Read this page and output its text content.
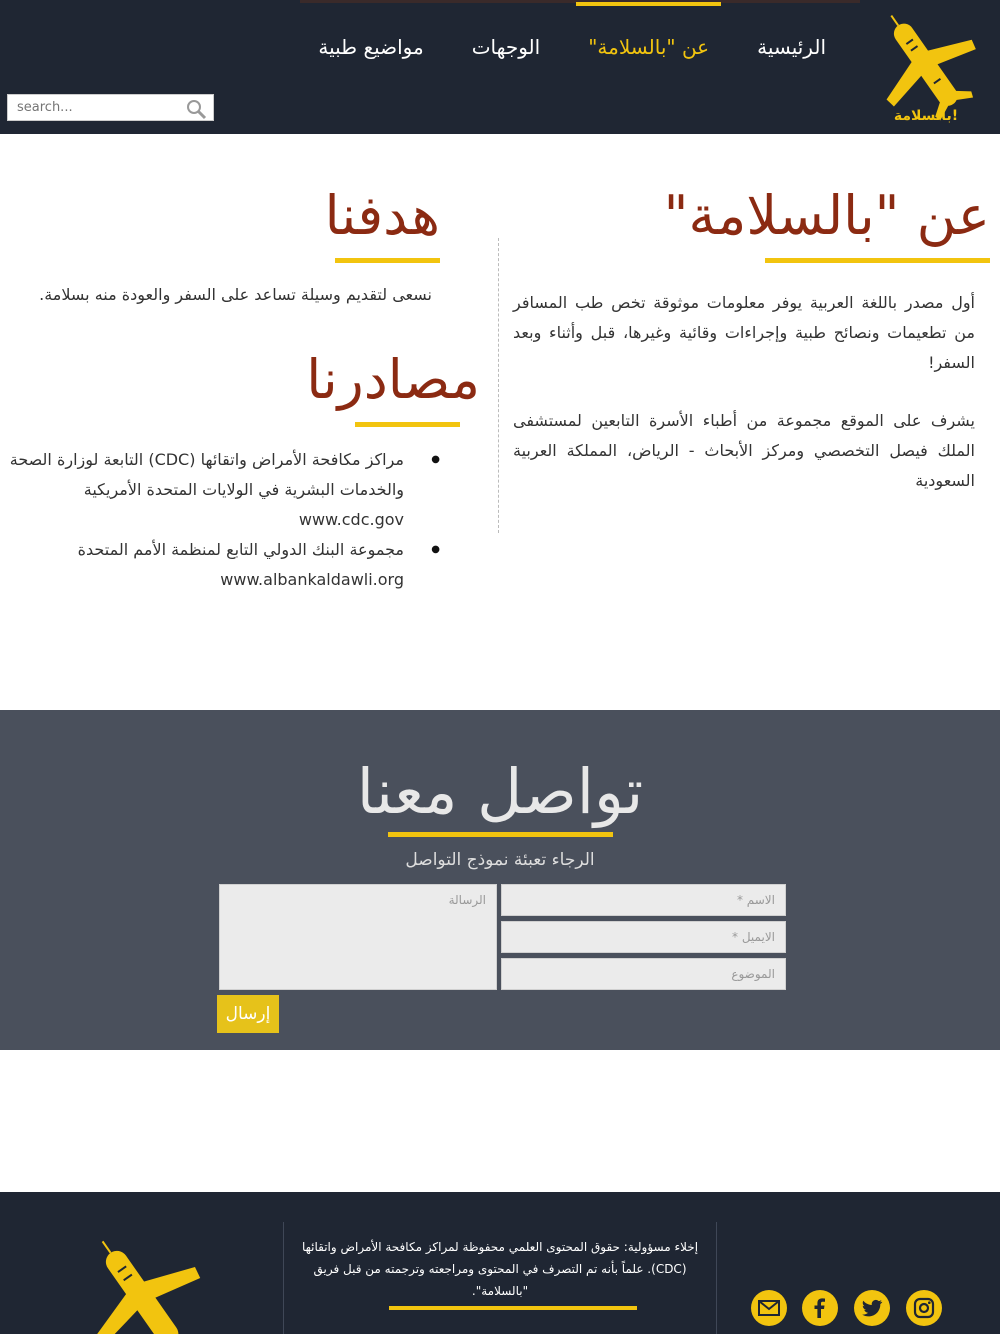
بالسلامة!
الرئيسية
عن "بالسلامة"
الوجهات
مواضيع طبية
search...
عن "بالسلامة"

أول مصدر باللغة العربية يوفر معلومات موثوقة تخص طب المسافر من تطعيمات ونصائح طبية وإجراءات وقائية وغيرها، قبل وأثناء وبعد السفر!

يشرف على الموقع مجموعة من أطباء الأسرة التابعين لمستشفى الملك فيصل التخصصي ومركز الأبحاث - الرياض، المملكة العربية السعودية

هدفنا

نسعى لتقديم وسيلة تساعد على السفر والعودة منه بسلامة.

مصادرنا
● مراكز مكافحة الأمراض واتقائها (CDC) التابعة لوزارة الصحة والخدمات البشرية في الولايات المتحدة الأمريكية
www.cdc.gov
● مجموعة البنك الدولي التابع لمنظمة الأمم المتحدة
www.albankaldawli.org
تواصل معنا
الرجاء تعبئة نموذج التواصل
الاسم *
الايميل *
الموضوع
الرسالة
إرسال

إخلاء مسؤولية: حقوق المحتوى العلمي محفوظة لمراكز مكافحة الأمراض واتقائها (CDC). علماً بأنه تم التصرف في المحتوى ومراجعته وترجمته من قبل فريق "بالسلامة".
